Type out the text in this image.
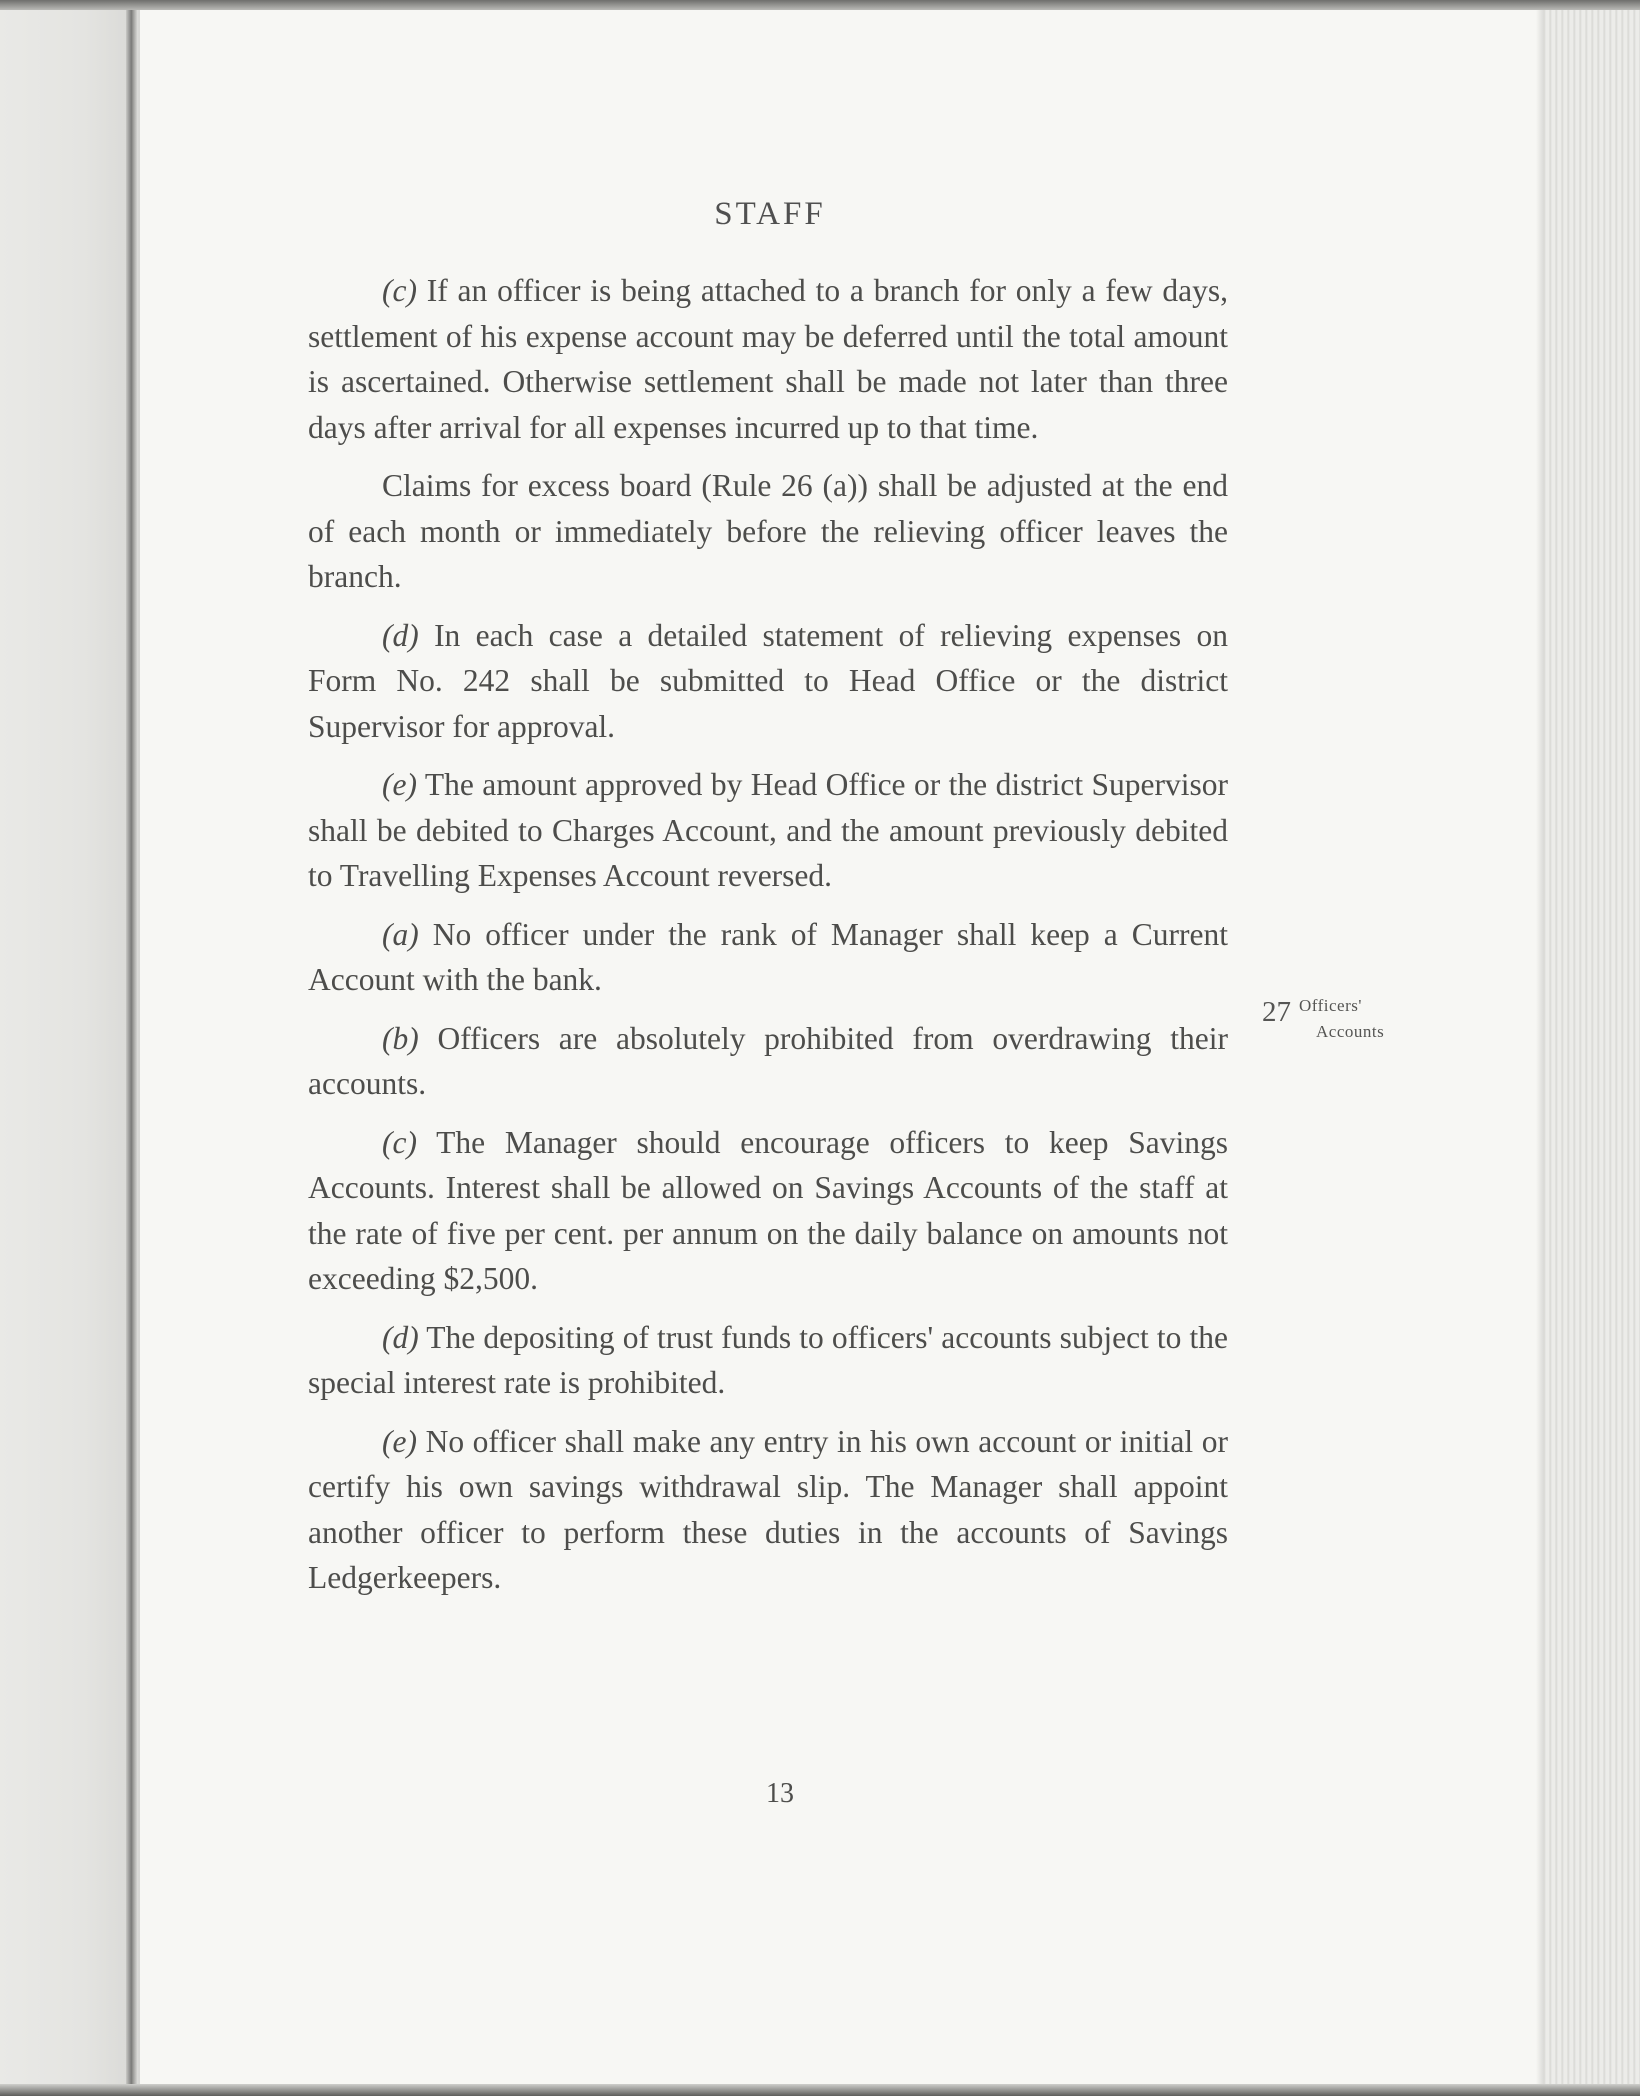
STAFF

(c) If an officer is being attached to a branch for only a few days, settlement of his expense account may be deferred until the total amount is ascertained. Otherwise settlement shall be made not later than three days after arrival for all expenses incurred up to that time.

Claims for excess board (Rule 26 (a)) shall be adjusted at the end of each month or immediately before the relieving officer leaves the branch.

(d) In each case a detailed statement of relieving expenses on Form No. 242 shall be submitted to Head Office or the district Supervisor for approval.

(e) The amount approved by Head Office or the district Supervisor shall be debited to Charges Account, and the amount previously debited to Travelling Expenses Account reversed.

(a) No officer under the rank of Manager shall keep a Current Account with the bank.

(b) Officers are absolutely prohibited from overdrawing their accounts.

(c) The Manager should encourage officers to keep Savings Accounts. Interest shall be allowed on Savings Accounts of the staff at the rate of five per cent. per annum on the daily balance on amounts not exceeding $2,500.

(d) The depositing of trust funds to officers' accounts subject to the special interest rate is prohibited.

(e) No officer shall make any entry in his own account or initial or certify his own savings withdrawal slip. The Manager shall appoint another officer to perform these duties in the accounts of Savings Ledgerkeepers.

27 Officers'
Accounts
13
